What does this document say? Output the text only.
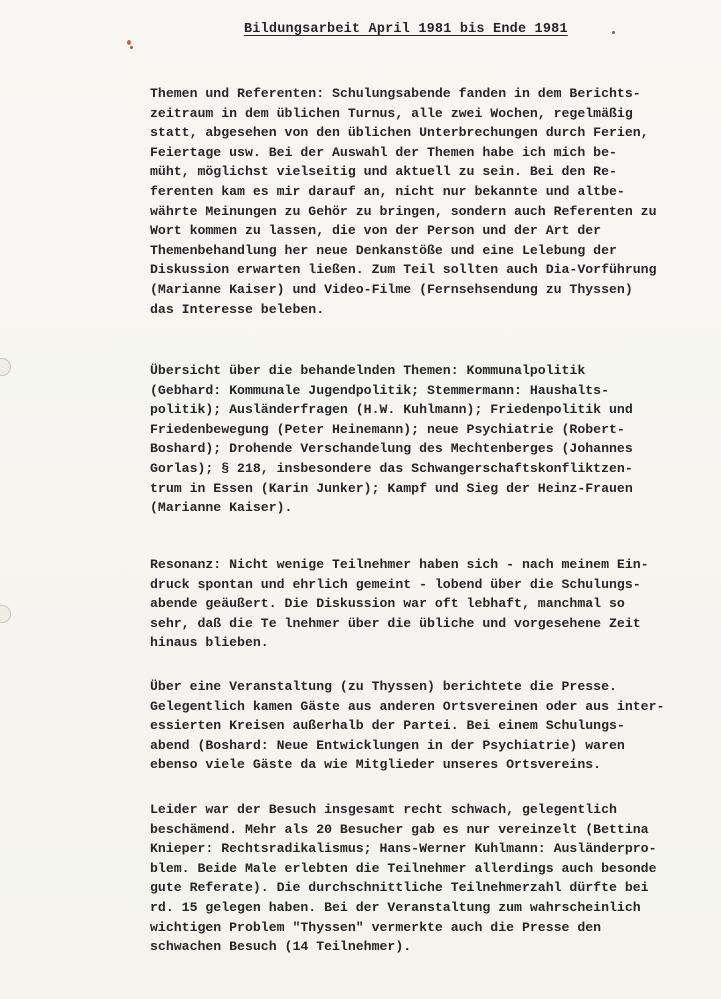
Bildungsarbeit April 1981 bis Ende 1981
Themen und Referenten: Schulungsabende fanden in dem Berichts-
zeitraum in dem üblichen Turnus, alle zwei Wochen, regelmäßig
statt, abgesehen von den üblichen Unterbrechungen durch Ferien,
Feiertage usw. Bei der Auswahl der Themen habe ich mich be-
müht, möglichst vielseitig und aktuell zu sein. Bei den Re-
ferenten kam es mir darauf an, nicht nur bekannte und altbe-
währte Meinungen zu Gehör zu bringen, sondern auch Referenten zu
Wort kommen zu lassen, die von der Person und der Art der
Themenbehandlung her neue Denkanstöße und eine Lelebung der
Diskussion erwarten ließen. Zum Teil sollten auch Dia-Vorführung
(Marianne Kaiser) und Video-Filme (Fernsehsendung zu Thyssen)
das Interesse beleben.
Übersicht über die behandelnden Themen: Kommunalpolitik
(Gebhard: Kommunale Jugendpolitik; Stemmermann: Haushalts-
politik); Ausländerfragen (H.W. Kuhlmann); Friedenpolitik und
Friedenbewegung (Peter Heinemann); neue Psychiatrie (Robert-
Boshard); Drohende Verschandelung des Mechtenberges (Johannes
Gorlas); § 218, insbesondere das Schwangerschaftskonfliktzen-
trum in Essen (Karin Junker); Kampf und Sieg der Heinz-Frauen
(Marianne Kaiser).
Resonanz: Nicht wenige Teilnehmer haben sich - nach meinem Ein-
druck spontan und ehrlich gemeint - lobend über die Schulungs-
abende geäußert. Die Diskussion war oft lebhaft, manchmal so
sehr, daß die Te lnehmer über die übliche und vorgesehene Zeit
hinaus blieben.
Über eine Veranstaltung (zu Thyssen) berichtete die Presse.
Gelegentlich kamen Gäste aus anderen Ortsvereinen oder aus inter-
essierten Kreisen außerhalb der Partei. Bei einem Schulungs-
abend (Boshard: Neue Entwicklungen in der Psychiatrie) waren
ebenso viele Gäste da wie Mitglieder unseres Ortsvereins.
Leider war der Besuch insgesamt recht schwach, gelegentlich
beschämend. Mehr als 20 Besucher gab es nur vereinzelt (Bettina
Knieper: Rechtsradikalismus; Hans-Werner Kuhlmann: Ausländerpro-
blem. Beide Male erlebten die Teilnehmer allerdings auch besonde
gute Referate). Die durchschnittliche Teilnehmerzahl dürfte bei
rd. 15 gelegen haben. Bei der Veranstaltung zum wahrscheinlich
wichtigen Problem "Thyssen" vermerkte auch die Presse den
schwachen Besuch (14 Teilnehmer).
